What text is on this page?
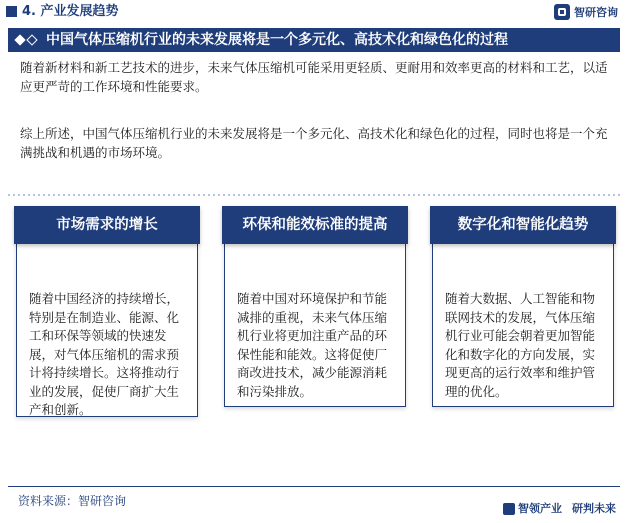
4. 产业发展趋势	智研咨询
中国气体压缩机行业的未来发展将是一个多元化、高技术化和绿色化的过程
随着新材料和新工艺技术的进步，未来气体压缩机可能采用更轻质、更耐用和效率更高的材料和工艺，以适应更严苛的工作环境和性能要求。
综上所述，中国气体压缩机行业的未来发展将是一个多元化、高技术化和绿色化的过程，同时也将是一个充满挑战和机遇的市场环境。
随着中国经济的持续增长，特别是在制造业、能源、化工和环保等领域的快速发展，对气体压缩机的需求预计将持续增长。这将推动行业的发展，促使厂商扩大生产和创新。
市场需求的增长
随着中国对环境保护和节能减排的重视，未来气体压缩机行业将更加注重产品的环保性能和能效。这将促使厂商改进技术，减少能源消耗和污染排放。
环保和能效标准的提高
随着大数据、人工智能和物联网技术的发展，气体压缩机行业可能会朝着更加智能化和数字化的方向发展，实现更高的运行效率和维护管理的优化。
数字化和智能化趋势
资料来源：智研咨询
智领产业 研判未来
